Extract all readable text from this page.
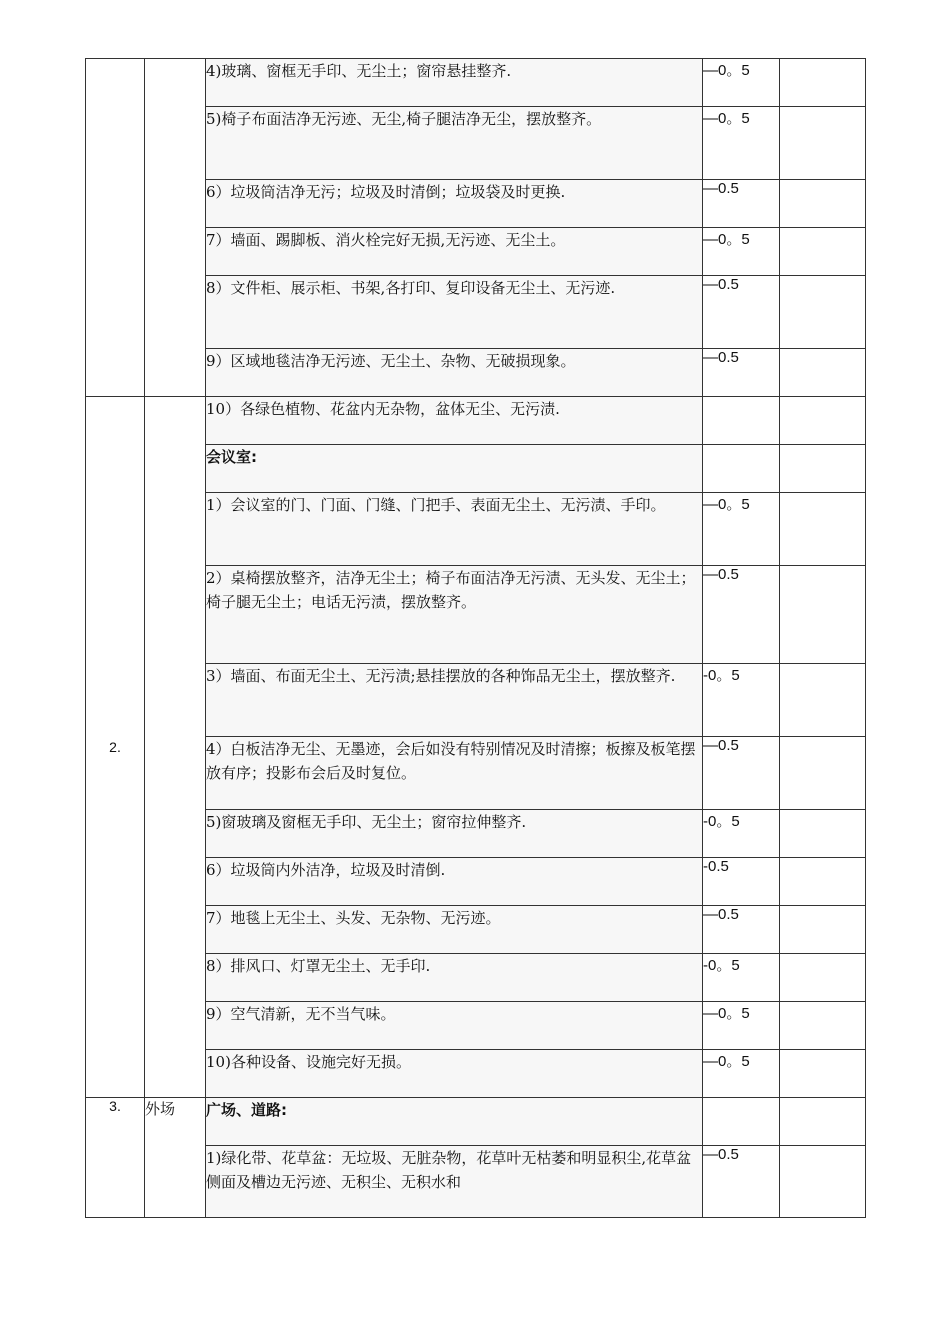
		4)玻璃、窗框无手印、无尘土；窗帘悬挂整齐.	—0。5	

		5)椅子布面洁净无污迹、无尘,椅子腿洁净无尘，摆放整齐。	—0。5	

		6）垃圾筒洁净无污；垃圾及时清倒；垃圾袋及时更换.	—0.5	

		7）墙面、踢脚板、消火栓完好无损,无污迹、无尘土。	—0。5	

		8）文件柜、展示柜、书架,各打印、复印设备无尘土、无污迹.	—0.5	

		9）区域地毯洁净无污迹、无尘土、杂物、无破损现象。	—0.5	
2.		10）各绿色植物、花盆内无杂物，盆体无尘、无污渍.		

		会议室:		

		1）会议室的门、门面、门缝、门把手、表面无尘土、无污渍、手印。	—0。5	

		2）桌椅摆放整齐，洁净无尘土；椅子布面洁净无污渍、无头发、无尘土；椅子腿无尘土；电话无污渍，摆放整齐。	—0.5	

		3）墙面、布面无尘土、无污渍;悬挂摆放的各种饰品无尘土，摆放整齐.	-0。5	

		4）白板洁净无尘、无墨迹，会后如没有特别情况及时清擦；板擦及板笔摆放有序；投影布会后及时复位。	—0.5	

		5)窗玻璃及窗框无手印、无尘土；窗帘拉伸整齐.	-0。5	

		6）垃圾筒内外洁净，垃圾及时清倒.	-0.5	

		7）地毯上无尘土、头发、无杂物、无污迹。	—0.5	

		8）排风口、灯罩无尘土、无手印.	-0。5	

		9）空气清新，无不当气味。	—0。5	

		10)各种设备、设施完好无损。	—0。5	
3.	外场	广场、道路:		

		1)绿化带、花草盆：无垃圾、无脏杂物，花草叶无枯萎和明显积尘,花草盆侧面及槽边无污迹、无积尘、无积水和	—0.5	
